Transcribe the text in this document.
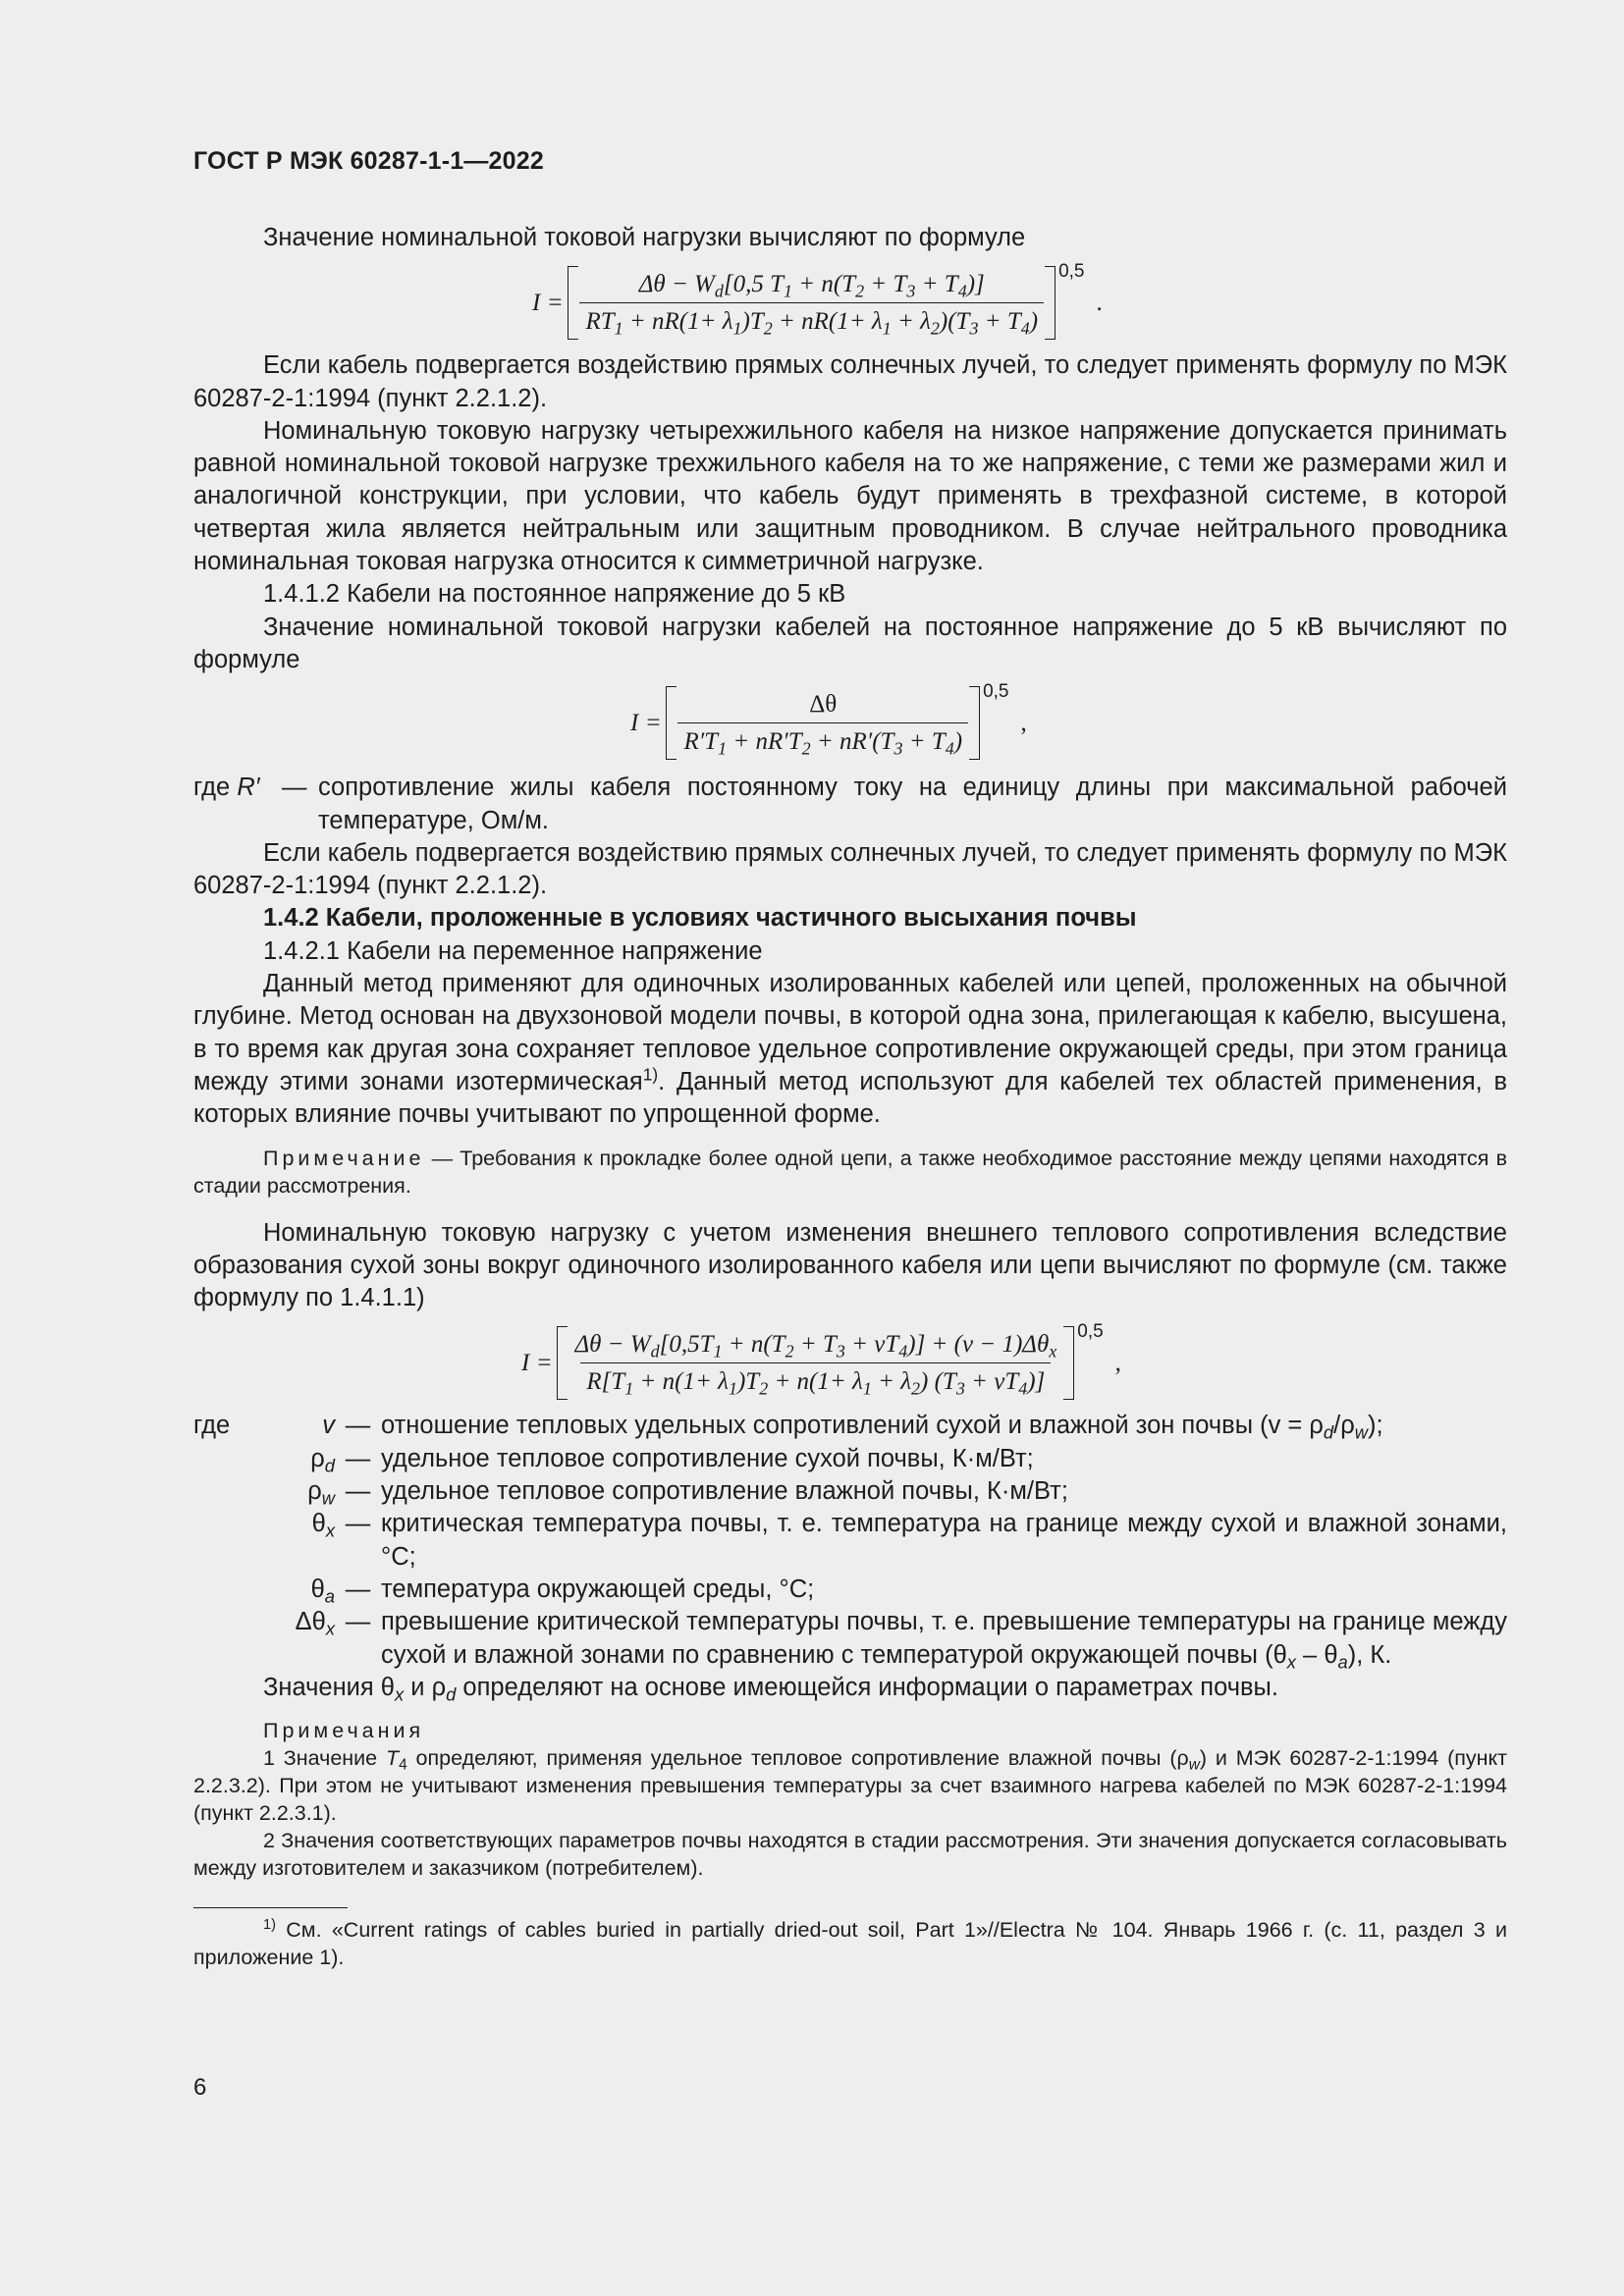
ГОСТ Р МЭК 60287-1-1—2022

Значение номинальной токовой нагрузки вычисляют по формуле

$I = \frac{\Delta\theta - W_d[0,5 T_1 + n(T_2 + T_3 + T_4)]}{RT_1 + nR(1+ \lambda_1)T_2 + nR(1+ \lambda_1 + \lambda_2)(T_3 + T_4)}$
0,5
.

Если кабель подвергается воздействию прямых солнечных лучей, то следует применять формулу по МЭК 60287-2-1:1994 (пункт 2.2.1.2).

Номинальную токовую нагрузку четырехжильного кабеля на низкое напряжение допускается принимать равной номинальной токовой нагрузке трехжильного кабеля на то же напряжение, с теми же размерами жил и аналогичной конструкции, при условии, что кабель будут применять в трехфазной системе, в которой четвертая жила является нейтральным или защитным проводником. В случае нейтрального проводника номинальная токовая нагрузка относится к симметричной нагрузке.

1.4.1.2 Кабели на постоянное напряжение до 5 кВ

Значение номинальной токовой нагрузки кабелей на постоянное напряжение до 5 кВ вычисляют по формуле

$I = \frac{\Delta\theta}{R'T_1 + nR'T_2 + nR'(T_3 + T_4)}$
0,5
,
где R′ — сопротивление жилы кабеля постоянному току на единицу длины при максимальной рабочей температуре, Ом/м.

Если кабель подвергается воздействию прямых солнечных лучей, то следует применять формулу по МЭК 60287-2-1:1994 (пункт 2.2.1.2).

1.4.2 Кабели, проложенные в условиях частичного высыхания почвы

1.4.2.1 Кабели на переменное напряжение

Данный метод применяют для одиночных изолированных кабелей или цепей, проложенных на обычной глубине. Метод основан на двухзоновой модели почвы, в которой одна зона, прилегающая к кабелю, высушена, в то время как другая зона сохраняет тепловое удельное сопротивление окружающей среды, при этом граница между этими зонами изотермическая$^{1)}$. Данный метод используют для кабелей тех областей применения, в которых влияние почвы учитывают по упрощенной форме.

Примечание — Требования к прокладке более одной цепи, а также необходимое расстояние между цепями находятся в стадии рассмотрения.

Номинальную токовую нагрузку с учетом изменения внешнего теплового сопротивления вследствие образования сухой зоны вокруг одиночного изолированного кабеля или цепи вычисляют по формуле (см. также формулу по 1.4.1.1)

$I = \frac{\Delta\theta - W_d[0,5T_1 + n(T_2 + T_3 + vT_4)] + (v - 1)\Delta\theta_x}{R[T_1 + n(1+ \lambda_1)T_2 + n(1+ \lambda_1 + \lambda_2) (T_3 + vT_4)]}$
0,5
,
где	v — отношение тепловых удельных сопротивлений сухой и влажной зон почвы $(v = \rho_d/\rho_w)$;
$\rho_d$ — удельное тепловое сопротивление сухой почвы, К·м/Вт;
$\rho_w$ — удельное тепловое сопротивление влажной почвы, К·м/Вт;
$\theta_x$ — критическая температура почвы, т. е. температура на границе между сухой и влажной зонами, °С;
$\theta_a$ — температура окружающей среды, °С;
$\Delta\theta_x$ — превышение критической температуры почвы, т. е. превышение температуры на границе между сухой и влажной зонами по сравнению с температурой окружающей почвы $(\theta_x - \theta_a)$, К.

Значения $\theta_x$ и $\rho_d$ определяют на основе имеющейся информации о параметрах почвы.

Примечания

1 Значение $T_4$ определяют, применяя удельное тепловое сопротивление влажной почвы $(\rho_w)$ и МЭК 60287-2-1:1994 (пункт 2.2.3.2). При этом не учитывают изменения превышения температуры за счет взаимного нагрева кабелей по МЭК 60287-2-1:1994 (пункт 2.2.3.1).

2 Значения соответствующих параметров почвы находятся в стадии рассмотрения. Эти значения допускается согласовывать между изготовителем и заказчиком (потребителем).

$^{1)}$ См. «Current ratings of cables buried in partially dried-out soil, Part 1»//Electra № 104. Январь 1966 г. (с. 11, раздел 3 и приложение 1).

6
